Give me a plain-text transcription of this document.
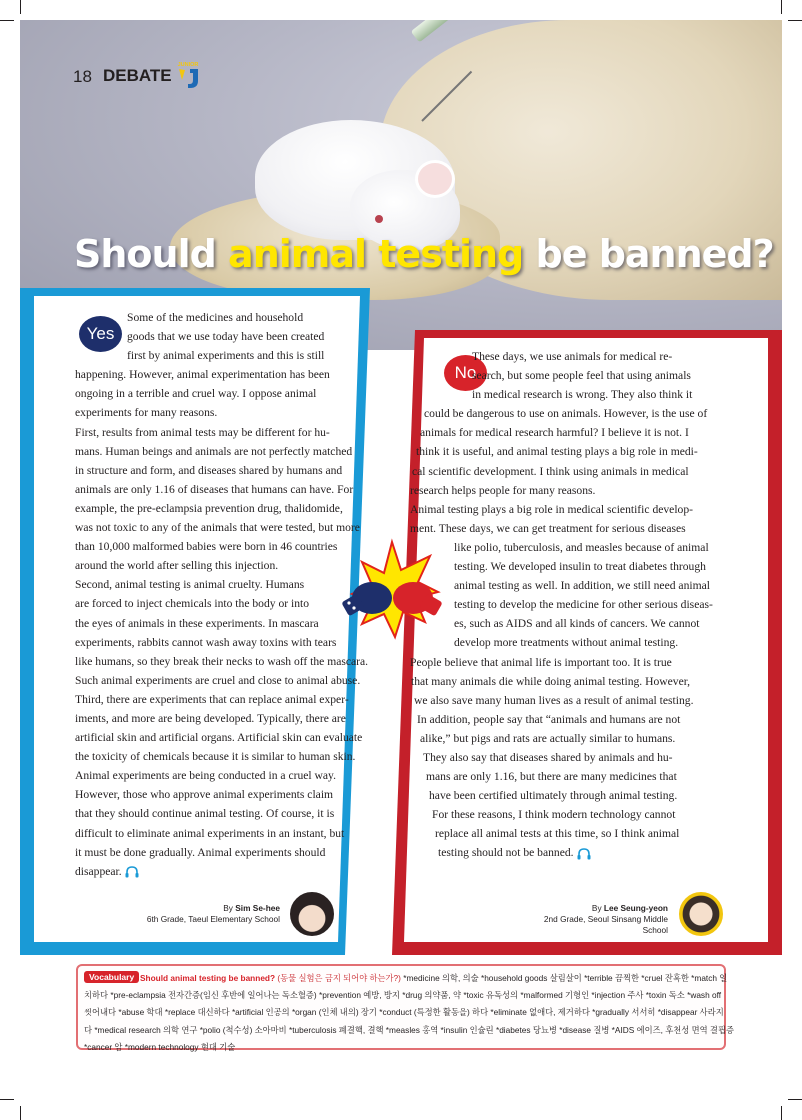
18 DEBATE
JUNIOR
Should animal testing be banned?
Yes

Some of the medicines and household

goods that we use today have been created

first by animal experiments and this is still

happening. However, animal experimentation has been

ongoing in a terrible and cruel way. I oppose animal

experiments for many reasons.

First, results from animal tests may be different for hu-

mans. Human beings and animals are not perfectly matched

in structure and form, and diseases shared by humans and

animals are only 1.16 of diseases that humans can have. For

example, the pre-eclampsia prevention drug, thalidomide,

was not toxic to any of the animals that were tested, but more

than 10,000 malformed babies were born in 46 countries

around the world after selling this injection.

Second, animal testing is animal cruelty. Humans

are forced to inject chemicals into the body or into

the eyes of animals in these experiments. In mascara

experiments, rabbits cannot wash away toxins with tears

like humans, so they break their necks to wash off the mascara.

Such animal experiments are cruel and close to animal abuse.

Third, there are experiments that can replace animal exper-

iments, and more are being developed. Typically, there are

artificial skin and artificial organs. Artificial skin can evaluate

the toxicity of chemicals because it is similar to human skin.

Animal experiments are being conducted in a cruel way.

However, those who approve animal experiments claim

that they should continue animal testing. Of course, it is

difficult to eliminate animal experiments in an instant, but

it must be done gradually. Animal experiments should

disappear.

No

These days, we use animals for medical re-

search, but some people feel that using animals

in medical research is wrong. They also think it

could be dangerous to use on animals. However, is the use of

animals for medical research harmful? I believe it is not. I

think it is useful, and animal testing plays a big role in medi-

cal scientific development. I think using animals in medical

research helps people for many reasons.

Animal testing plays a big role in medical scientific develop-

ment. These days, we can get treatment for serious diseases

like polio, tuberculosis, and measles because of animal

testing. We developed insulin to treat diabetes through

animal testing as well. In addition, we still need animal

testing to develop the medicine for other serious diseas-

es, such as AIDS and all kinds of cancers. We cannot

develop more treatments without animal testing.

People believe that animal life is important too. It is true

that many animals die while doing animal testing. However,

we also save many human lives as a result of animal testing.

In addition, people say that “animals and humans are not

alike,” but pigs and rats are actually similar to humans.

They also say that diseases shared by animals and hu-

mans are only 1.16, but there are many medicines that

have been certified ultimately through animal testing.

For these reasons, I think modern technology cannot

replace all animal tests at this time, so I think animal

testing should not be banned.

By Sim Se-hee
6th Grade, Taeul Elementary School
By Lee Seung-yeon
2nd Grade, Seoul Sinsang Middle School

Should animal testing be banned? (동물 실험은 금지 되어야 하는가?) *medicine 의학, 의술 *household goods 살림살이 *terrible 끔찍한 *cruel 잔혹한 *match 일

치하다 *pre-eclampsia 전자간증(임신 후반에 일어나는 독소혈증) *prevention 예방, 방지 *drug 의약품, 약 *toxic 유독성의 *malformed 기형인 *injection 주사 *toxin 독소 *wash off

씻어내다 *abuse 학대 *replace 대신하다 *artificial 인공의 *organ (인체 내의) 장기 *conduct (특정한 활동을) 하다 *eliminate 없애다, 제거하다 *gradually 서서히 *disappear 사라지

다 *medical research 의학 연구 *polio (척수성) 소아마비 *tuberculosis 폐결핵, 결핵 *measles 홍역 *insulin 인슐린 *diabetes 당뇨병 *disease 질병 *AIDS 에이즈, 후천성 면역 결핍증

*cancer 암 *modern technology 현대 기술

Vocabulary
